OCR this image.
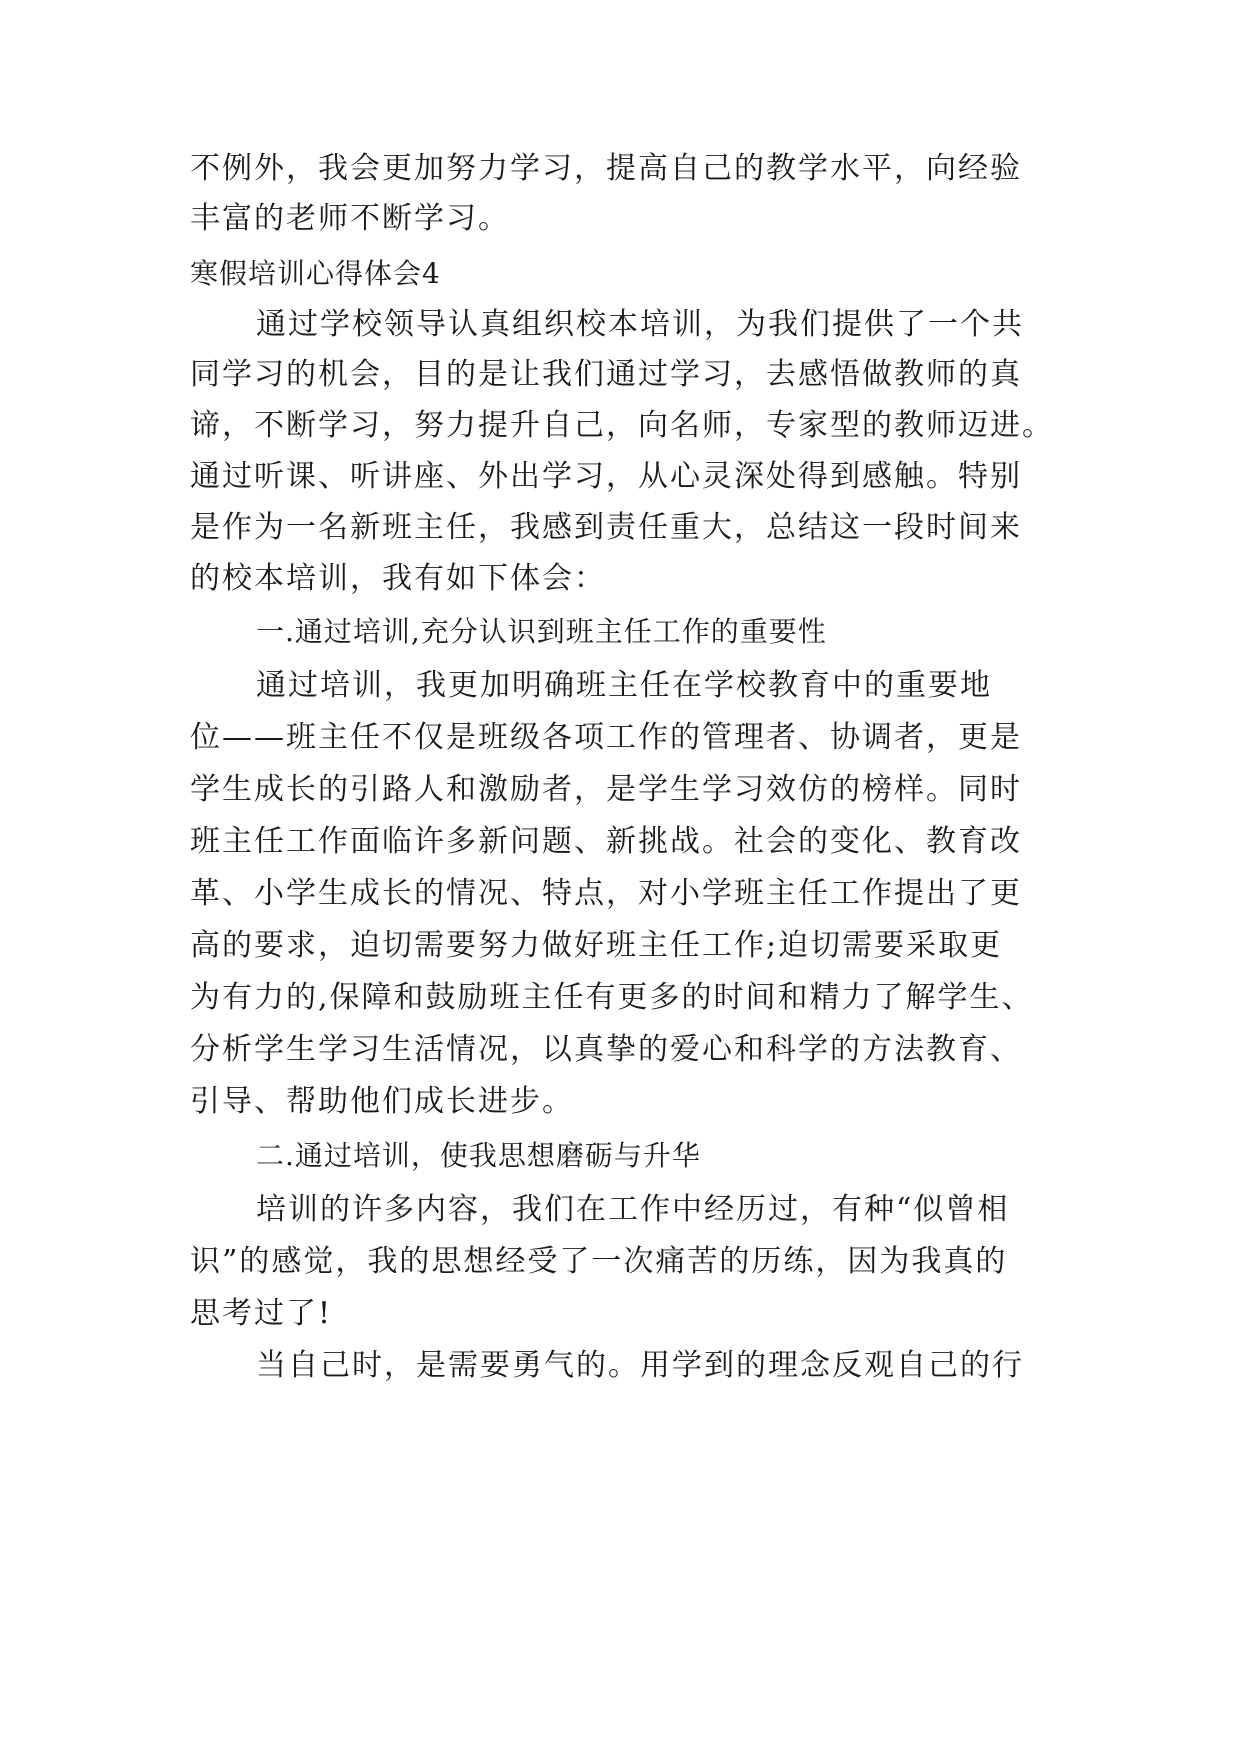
不例外，我会更加努力学习，提高自己的教学水平，向经验
丰富的老师不断学习。
寒假培训心得体会4
通过学校领导认真组织校本培训，为我们提供了一个共
同学习的机会，目的是让我们通过学习，去感悟做教师的真
谛，不断学习，努力提升自己，向名师，专家型的教师迈进。
通过听课、听讲座、外出学习，从心灵深处得到感触。特别
是作为一名新班主任，我感到责任重大，总结这一段时间来
的校本培训，我有如下体会：
一.通过培训,充分认识到班主任工作的重要性
通过培训，我更加明确班主任在学校教育中的重要地
位——班主任不仅是班级各项工作的管理者、协调者，更是
学生成长的引路人和激励者，是学生学习效仿的榜样。同时
班主任工作面临许多新问题、新挑战。社会的变化、教育改
革、小学生成长的情况、特点，对小学班主任工作提出了更
高的要求，迫切需要努力做好班主任工作;迫切需要采取更
为有力的,保障和鼓励班主任有更多的时间和精力了解学生、
分析学生学习生活情况，以真挚的爱心和科学的方法教育、
引导、帮助他们成长进步。
二.通过培训，使我思想磨砺与升华
培训的许多内容，我们在工作中经历过，有种“似曾相
识”的感觉，我的思想经受了一次痛苦的历练，因为我真的
思考过了!
当自己时，是需要勇气的。用学到的理念反观自己的行
